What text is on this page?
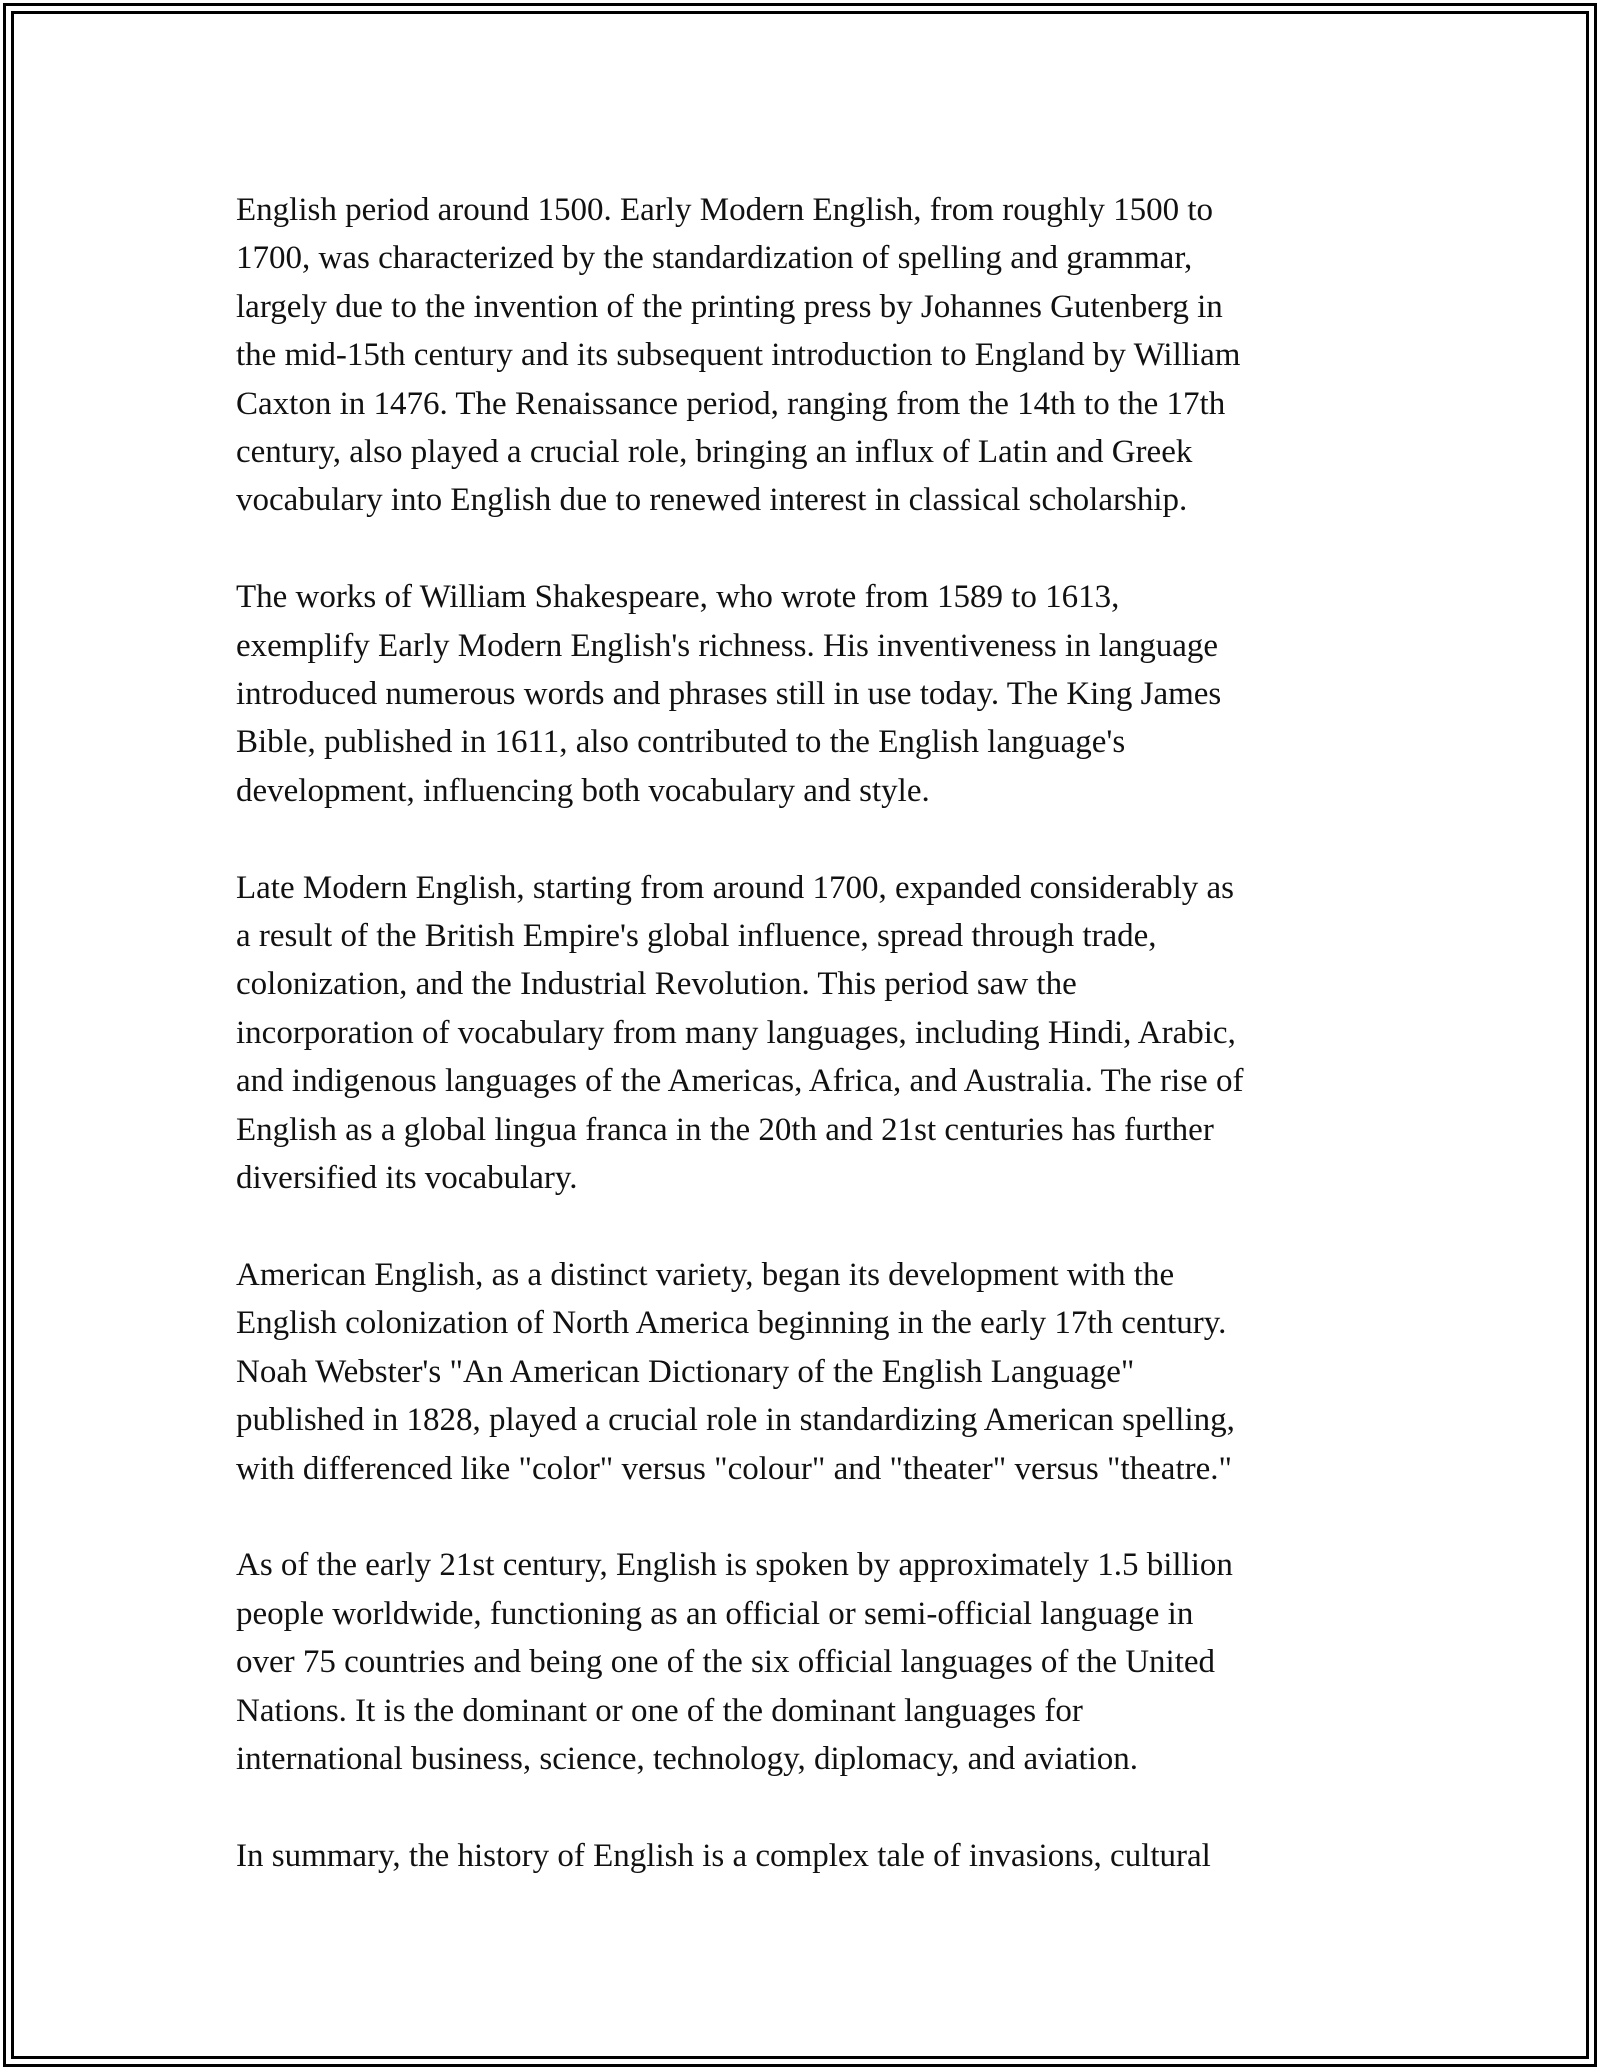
English period around 1500. Early Modern English, from roughly 1500 to
1700, was characterized by the standardization of spelling and grammar,
largely due to the invention of the printing press by Johannes Gutenberg in
the mid-15th century and its subsequent introduction to England by William
Caxton in 1476. The Renaissance period, ranging from the 14th to the 17th
century, also played a crucial role, bringing an influx of Latin and Greek
vocabulary into English due to renewed interest in classical scholarship.

The works of William Shakespeare, who wrote from 1589 to 1613,
exemplify Early Modern English's richness. His inventiveness in language
introduced numerous words and phrases still in use today. The King James
Bible, published in 1611, also contributed to the English language's
development, influencing both vocabulary and style.

Late Modern English, starting from around 1700, expanded considerably as
a result of the British Empire's global influence, spread through trade,
colonization, and the Industrial Revolution. This period saw the
incorporation of vocabulary from many languages, including Hindi, Arabic,
and indigenous languages of the Americas, Africa, and Australia. The rise of
English as a global lingua franca in the 20th and 21st centuries has further
diversified its vocabulary.

American English, as a distinct variety, began its development with the
English colonization of North America beginning in the early 17th century.
Noah Webster's "An American Dictionary of the English Language"
published in 1828, played a crucial role in standardizing American spelling,
with differenced like "color" versus "colour" and "theater" versus "theatre."

As of the early 21st century, English is spoken by approximately 1.5 billion
people worldwide, functioning as an official or semi-official language in
over 75 countries and being one of the six official languages of the United
Nations. It is the dominant or one of the dominant languages for
international business, science, technology, diplomacy, and aviation.

In summary, the history of English is a complex tale of invasions, cultural
